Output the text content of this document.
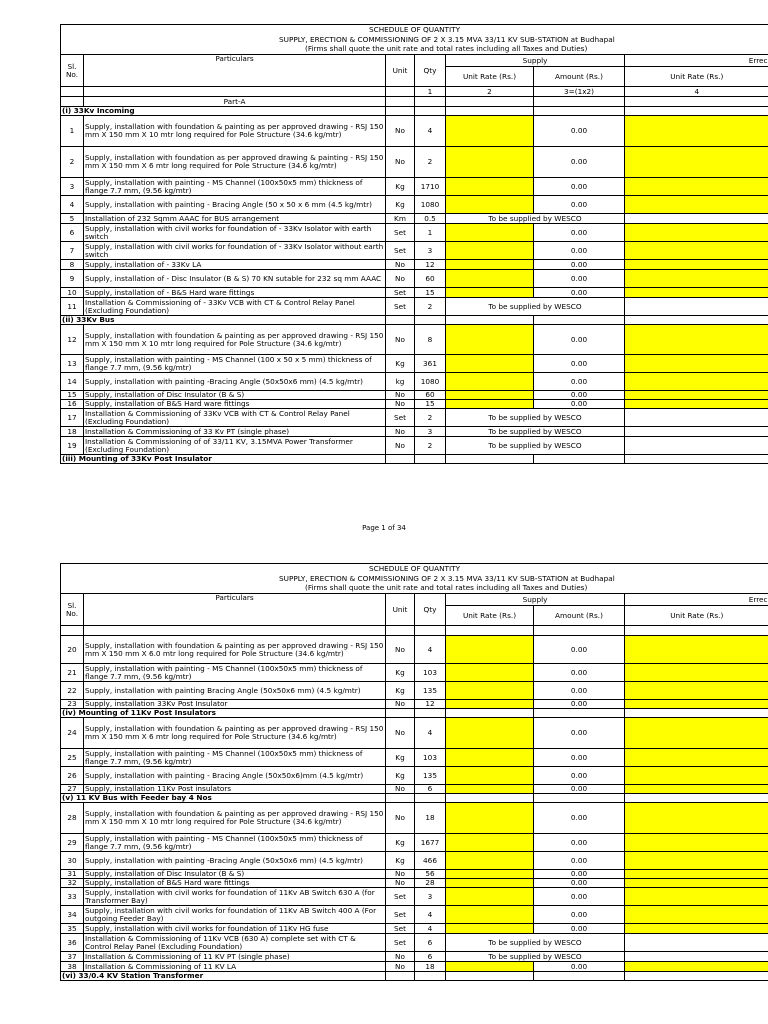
SCHEDULE OF QUANTITY						
SUPPLY, ERECTION & COMMISSIONING OF 2 X 3.15 MVA 33/11 KV SUB-STATION at Budhapal						
(Firms shall quote the unit rate and total rates including all Taxes and Duties)						
Sl. No.	Particulars	Unit	Qty	Supply		Errec
				Unit Rate (Rs.)	Amount (Rs.)	Unit Rate (Rs.)
			1	2	3=(1x2)	4
	Part-A					
(i) 33Kv Incoming						
1	Supply, installation with foundation & painting as per approved drawing - RSJ 150 mm X 150 mm X 10 mtr long required for Pole Structure (34.6 kg/mtr)	No	4		0.00	
2	Supply, installation with foundation as per approved drawing & painting - RSJ 150 mm X 150 mm X 6 mtr long required for Pole Structure (34.6 kg/mtr)	No	2		0.00	
3	Supply, installation with painting - MS Channel (100x50x5 mm) thickness of flange 7.7 mm, (9.56 kg/mtr)	Kg	1710		0.00	
4	Supply, installation with painting - Bracing Angle (50 x 50 x 6 mm (4.5 kg/mtr)	Kg	1080		0.00	
5	Installation of 232 Sqmm AAAC for BUS arrangement	Km	0.5	To be supplied by WESCO		
6	Supply, installation with civil works for foundation of - 33Kv Isolator with earth switch	Set	1		0.00	
7	Supply, installation with civil works for foundation of - 33Kv Isolator without earth switch	Set	3		0.00	
8	Supply, installation of - 33Kv LA	No	12		0.00	
9	Supply, installation of - Disc Insulator (B & S) 70 KN sutable for 232 sq mm AAAC	No	60		0.00	
10	Supply, installation of - B&S Hard ware fittings	Set	15		0.00	
11	Installation & Commissioning of - 33Kv VCB with CT & Control Relay Panel (Excluding Foundation)	Set	2	To be supplied by WESCO		
(ii) 33Kv Bus						
12	Supply, installation with foundation & painting as per approved drawing - RSJ 150 mm X 150 mm X 10 mtr long required for Pole Structure (34.6 kg/mtr)	No	8		0.00	
13	Supply, installation with painting - MS Channel (100 x 50 x 5 mm) thickness of flange 7.7 mm, (9.56 kg/mtr)	Kg	361		0.00	
14	Supply, installation with painting -Bracing Angle (50x50x6 mm) (4.5 kg/mtr)	kg	1080		0.00	
15	Supply, installation of Disc Insulator (B & S)	No	60		0.00	
16	Supply, installation of B&S Hard ware fittings	No	15		0.00	
17	Installation & Commissioning of 33Kv VCB with CT & Control Relay Panel (Excluding Foundation)	Set	2	To be supplied by WESCO		
18	Installation & Commissioning of 33 Kv PT (single phase)	No	3	To be supplied by WESCO		
19	Installation & Commissioning of of 33/11 KV, 3.15MVA Power Transformer (Excluding Foundation)	No	2	To be supplied by WESCO		
(iii) Mounting of 33Kv Post Insulator						
Page 1 of 34
SCHEDULE OF QUANTITY						
SUPPLY, ERECTION & COMMISSIONING OF 2 X 3.15 MVA 33/11 KV SUB-STATION at Budhapal						
(Firms shall quote the unit rate and total rates including all Taxes and Duties)						
Sl. No.	Particulars	Unit	Qty	Supply		Errec
				Unit Rate (Rs.)	Amount (Rs.)	Unit Rate (Rs.)

20	Supply, installation with foundation & painting as per approved drawing - RSJ 150 mm X 150 mm X 6.0 mtr long required for Pole Structure (34.6 kg/mtr)	No	4		0.00	
21	Supply, installation with painting - MS Channel (100x50x5 mm) thickness of flange 7.7 mm, (9.56 kg/mtr)	Kg	103		0.00	
22	Supply, installation with painting Bracing Angle (50x50x6 mm) (4.5 kg/mtr)	Kg	135		0.00	
23	Supply, installation 33Kv Post Insulator	No	12		0.00	
(iv) Mounting of 11Kv Post Insulators						
24	Supply, installation with foundation & painting as per approved drawing - RSJ 150 mm X 150 mm X 6 mtr long required for Pole Structure (34.6 kg/mtr)	No	4		0.00	
25	Supply, installation with painting - MS Channel (100x50x5 mm) thickness of flange 7.7 mm, (9.56 kg/mtr)	Kg	103		0.00	
26	Supply, installation with painting - Bracing Angle (50x50x6)mm (4.5 kg/mtr)	Kg	135		0.00	
27	Supply, installation 11Kv Post insulators	No	6		0.00	
(v) 11 KV Bus with Feeder bay 4 Nos						
28	Supply, installation with foundation & painting as per approved drawing - RSJ 150 mm X 150 mm X 10 mtr long required for Pole Structure (34.6 kg/mtr)	No	18		0.00	
29	Supply, installation with painting - MS Channel (100x50x5 mm) thickness of flange 7.7 mm, (9.56 kg/mtr)	Kg	1677		0.00	
30	Supply, installation with painting -Bracing Angle (50x50x6 mm) (4.5 kg/mtr)	Kg	466		0.00	
31	Supply, installation of Disc Insulator (B & S)	No	56		0.00	
32	Supply, installation of B&S Hard ware fittings	No	28		0.00	
33	Supply, installation with civil works for foundation of 11Kv AB Switch 630 A (for Transformer Bay)	Set	3		0.00	
34	Supply, installation with civil works for foundation of 11Kv AB Switch 400 A (For outgoing Feeder Bay)	Set	4		0.00	
35	Supply, installation with civil works for foundation of 11Kv HG fuse	Set	4		0.00	
36	Installation & Commissioning of 11Kv VCB (630 A) complete set with CT & Control Relay Panel (Excluding Foundation)	Set	6	To be supplied by WESCO		
37	Installation & Commissioning of 11 KV PT (single phase)	No	6	To be supplied by WESCO		
38	Installation & Commissioning of 11 KV LA	No	18		0.00	
(vi) 33/0.4 KV Station Transformer						
